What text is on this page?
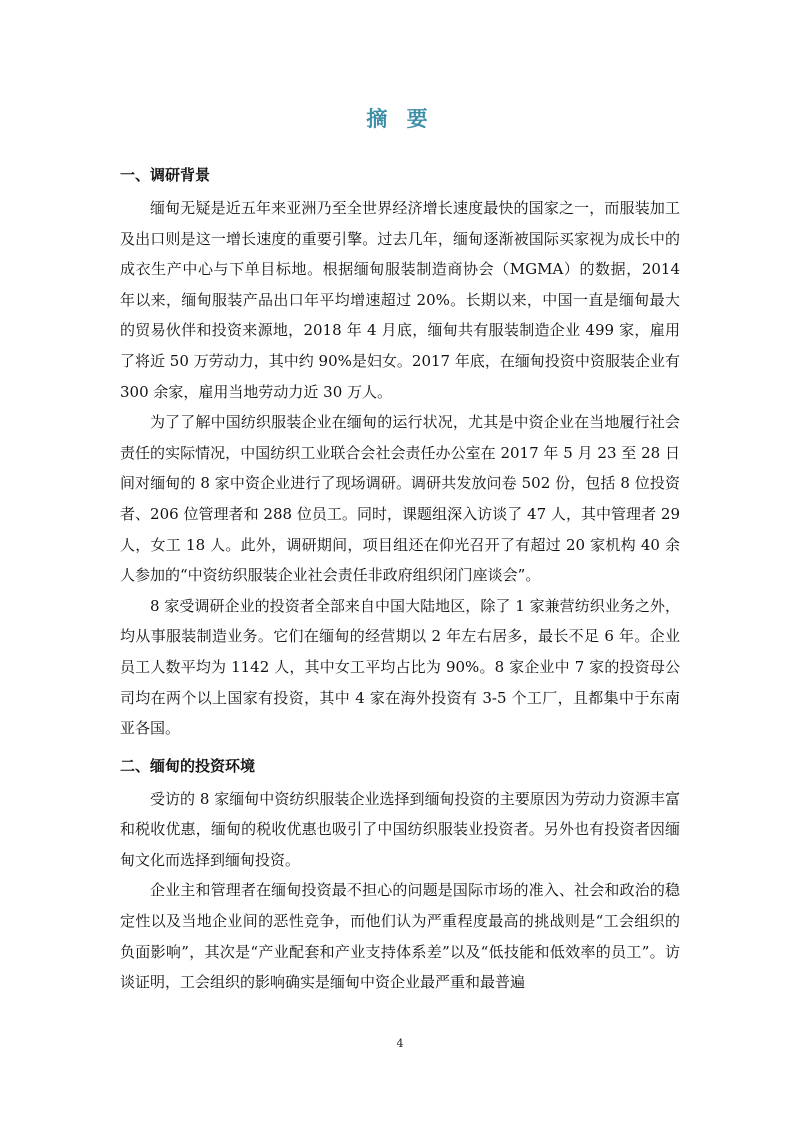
摘 要
一、调研背景

缅甸无疑是近五年来亚洲乃至全世界经济增长速度最快的国家之一，而服装加工及出口则是这一增长速度的重要引擎。过去几年，缅甸逐渐被国际买家视为成长中的成衣生产中心与下单目标地。根据缅甸服装制造商协会（MGMA）的数据，2014 年以来，缅甸服装产品出口年平均增速超过 20%。长期以来，中国一直是缅甸最大的贸易伙伴和投资来源地，2018 年 4 月底，缅甸共有服装制造企业 499 家，雇用了将近 50 万劳动力，其中约 90%是妇女。2017 年底，在缅甸投资中资服装企业有 300 余家，雇用当地劳动力近 30 万人。

为了了解中国纺织服装企业在缅甸的运行状况，尤其是中资企业在当地履行社会责任的实际情况，中国纺织工业联合会社会责任办公室在 2017 年 5 月 23 至 28 日间对缅甸的 8 家中资企业进行了现场调研。调研共发放问卷 502 份，包括 8 位投资者、206 位管理者和 288 位员工。同时，课题组深入访谈了 47 人，其中管理者 29 人，女工 18 人。此外，调研期间，项目组还在仰光召开了有超过 20 家机构 40 余人参加的“中资纺织服装企业社会责任非政府组织闭门座谈会”。

8 家受调研企业的投资者全部来自中国大陆地区，除了 1 家兼营纺织业务之外，均从事服装制造业务。它们在缅甸的经营期以 2 年左右居多，最长不足 6 年。企业员工人数平均为 1142 人，其中女工平均占比为 90%。8 家企业中 7 家的投资母公司均在两个以上国家有投资，其中 4 家在海外投资有 3-5 个工厂，且都集中于东南亚各国。

二、缅甸的投资环境

受访的 8 家缅甸中资纺织服装企业选择到缅甸投资的主要原因为劳动力资源丰富和税收优惠，缅甸的税收优惠也吸引了中国纺织服装业投资者。另外也有投资者因缅甸文化而选择到缅甸投资。

企业主和管理者在缅甸投资最不担心的问题是国际市场的准入、社会和政治的稳定性以及当地企业间的恶性竞争，而他们认为严重程度最高的挑战则是“工会组织的负面影响”，其次是“产业配套和产业支持体系差”以及“低技能和低效率的员工”。访谈证明，工会组织的影响确实是缅甸中资企业最严重和最普遍

4
